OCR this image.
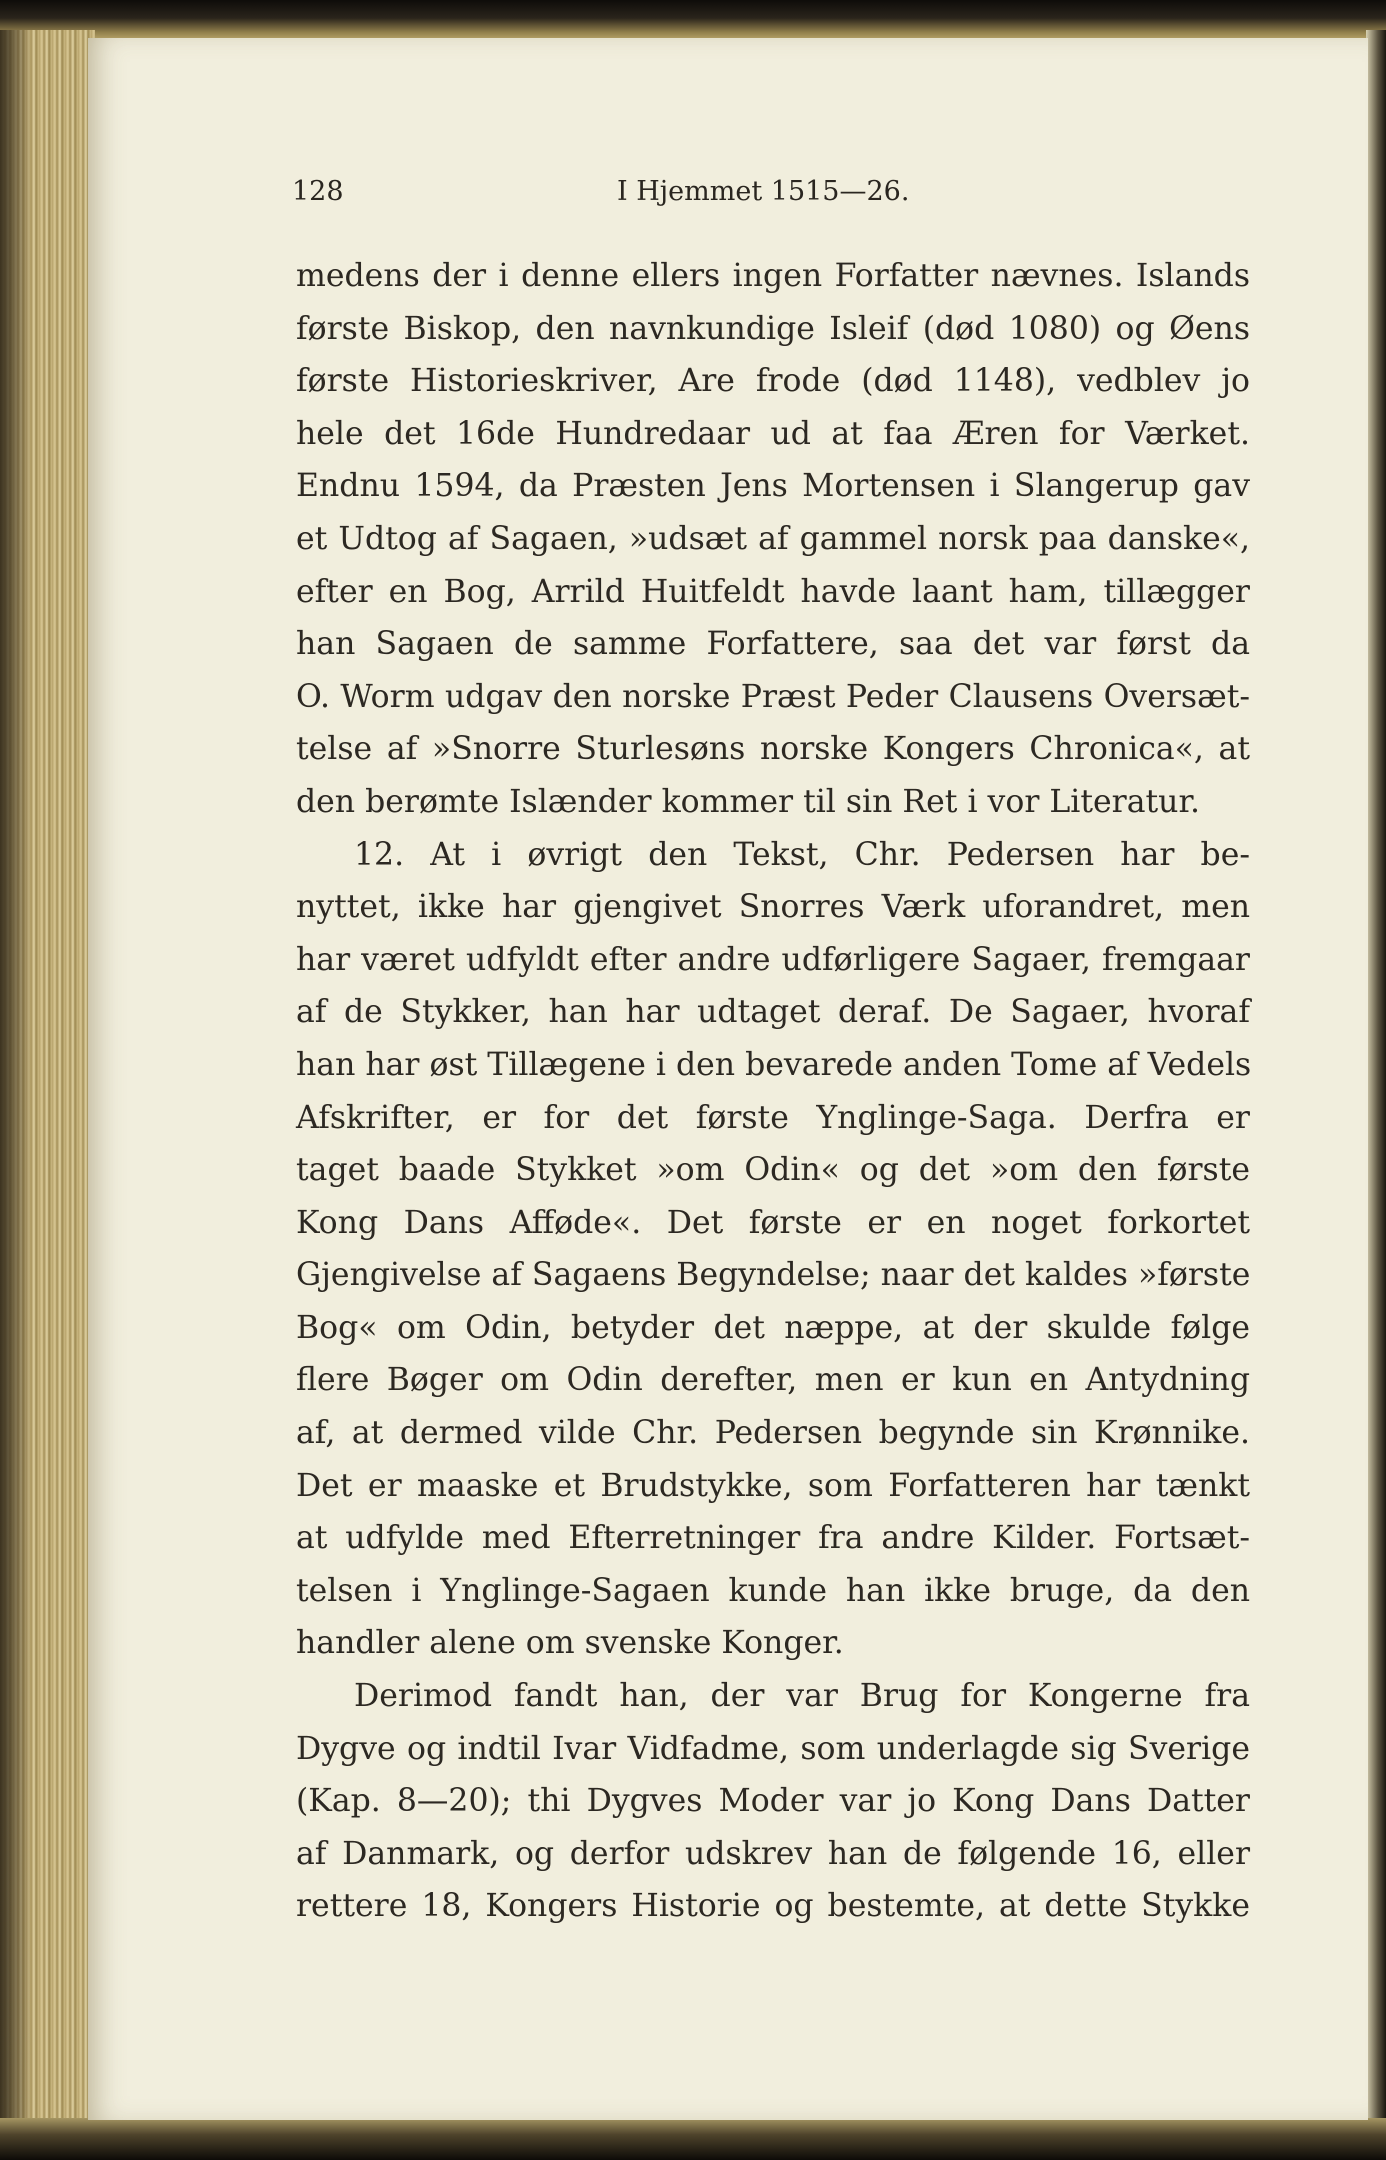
128	I Hjemmet 1515—26.
medens der i denne ellers ingen Forfatter nævnes. Islands
første Biskop, den navnkundige Isleif (død 1080) og Øens
første Historieskriver, Are frode (død 1148), vedblev jo
hele det 16de Hundredaar ud at faa Æren for Værket.
Endnu 1594, da Præsten Jens Mortensen i Slangerup gav
et Udtog af Sagaen, »udsæt af gammel norsk paa danske«,
efter en Bog, Arrild Huitfeldt havde laant ham, tillægger
han Sagaen de samme Forfattere, saa det var først da
O. Worm udgav den norske Præst Peder Clausens Oversæt-
telse af »Snorre Sturlesøns norske Kongers Chronica«, at
den berømte Islænder kommer til sin Ret i vor Literatur.
12. At i øvrigt den Tekst, Chr. Pedersen har be-
nyttet, ikke har gjengivet Snorres Værk uforandret, men
har været udfyldt efter andre udførligere Sagaer, fremgaar
af de Stykker, han har udtaget deraf. De Sagaer, hvoraf
han har øst Tillægene i den bevarede anden Tome af Vedels
Afskrifter, er for det første Ynglinge-Saga. Derfra er
taget baade Stykket »om Odin« og det »om den første
Kong Dans Afføde«. Det første er en noget forkortet
Gjengivelse af Sagaens Begyndelse; naar det kaldes »første
Bog« om Odin, betyder det næppe, at der skulde følge
flere Bøger om Odin derefter, men er kun en Antydning
af, at dermed vilde Chr. Pedersen begynde sin Krønnike.
Det er maaske et Brudstykke, som Forfatteren har tænkt
at udfylde med Efterretninger fra andre Kilder. Fortsæt-
telsen i Ynglinge-Sagaen kunde han ikke bruge, da den
handler alene om svenske Konger.
Derimod fandt han, der var Brug for Kongerne fra
Dygve og indtil Ivar Vidfadme, som underlagde sig Sverige
(Kap. 8—20); thi Dygves Moder var jo Kong Dans Datter
af Danmark, og derfor udskrev han de følgende 16, eller
rettere 18, Kongers Historie og bestemte, at dette Stykke
